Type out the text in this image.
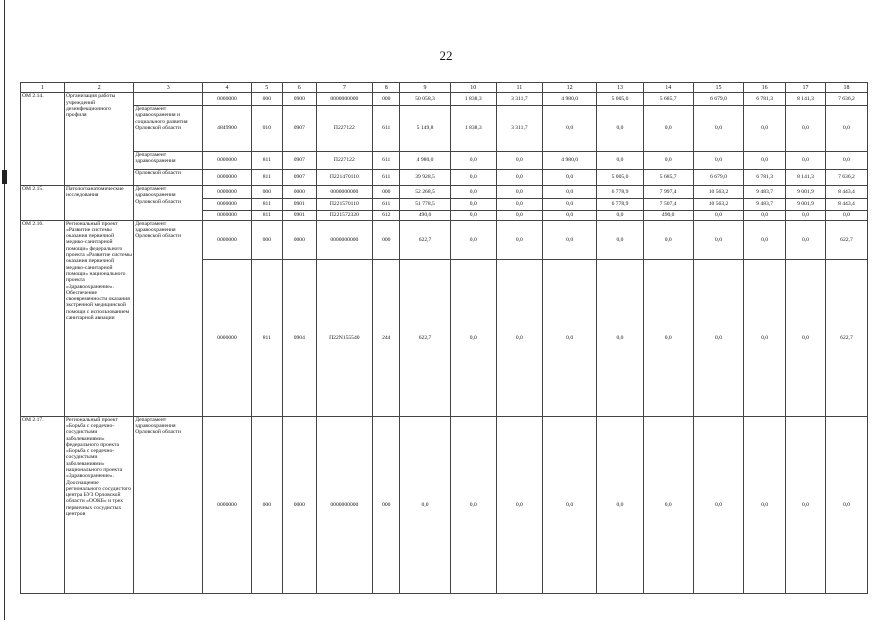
22
1	2	3	4	5	6	7	8	9	10	11	12	13	14	15	16	17	18
ОМ 2.14.	Организация работы учреждений дезинфекционного профиля		0000000	000	0900	0000000000	000	50 058,3	1 838,3	3 311,7	4 980,0	5 005,0	5 685,7	6 679,0	6 781,3	8 141,3	7 636,2
		Департамент здравоохранения и социального развития Орловской области	4849900	010	0907	П227122	611	5 149,8	1 838,3	3 311,7	0,0	0,0	0,0	0,0	0,0	0,0	0,0
		Департамент здравоохранения	0000000	811	0907	П227122	611	4 980,0	0,0	0,0	4 980,0	0,0	0,0	0,0	0,0	0,0	0,0
		Орловской области	0000000	811	0907	П221470110	611	39 928,5	0,0	0,0	0,0	5 005,0	5 685,7	6 679,0	6 781,3	8 141,3	7 636,2
ОМ 2.15.	Патологоанатомические исследования	Департамент здравоохранения Орловской области	0000000	000	0000	0000000000	000	52 268,5	0,0	0,0	0,0	6 778,9	7 997,4	10 563,2	9 483,7	9 001,9	8 443,4
			0000000	811	0901	П221570110	611	51 778,5	0,0	0,0	0,0	6 778,9	7 507,4	10 563,2	9 483,7	9 001,9	8 443,4
			0000000	811	0901	П221572320	612	490,0	0,0	0,0	0,0	0,0	490,0	0,0	0,0	0,0	0,0
ОМ 2.16.	Региональный проект «Развитие системы оказания первичной медико-санитарной помощи» федерального проекта «Развитие системы оказания первичной медико-санитарной помощи» национального проекта «Здравоохранение». Обеспечение своевременности оказания экстренной медицинской помощи с использованием санитарной авиации	Департамент здравоохранения Орловской области	0000000	000	0000	0000000000	000	622,7	0,0	0,0	0,0	0,0	0,0	0,0	0,0	0,0	622,7
			0000000	811	0904	П22N155540	244	622,7	0,0	0,0	0,0	0,0	0,0	0,0	0,0	0,0	622,7
ОМ 2.17.	Региональный проект «Борьба с сердечно-сосудистыми заболеваниями» федерального проекта «Борьба с сердечно-сосудистыми заболеваниями» национального проекта «Здравоохранение». Дооснащение регионального сосудистого центра БУЗ Орловской области «ООКБ» и трех первичных сосудистых центров	Департамент здравоохранения Орловской области	0000000	000	0000	0000000000	000	0,0	0,0	0,0	0,0	0,0	0,0	0,0	0,0	0,0	0,0
